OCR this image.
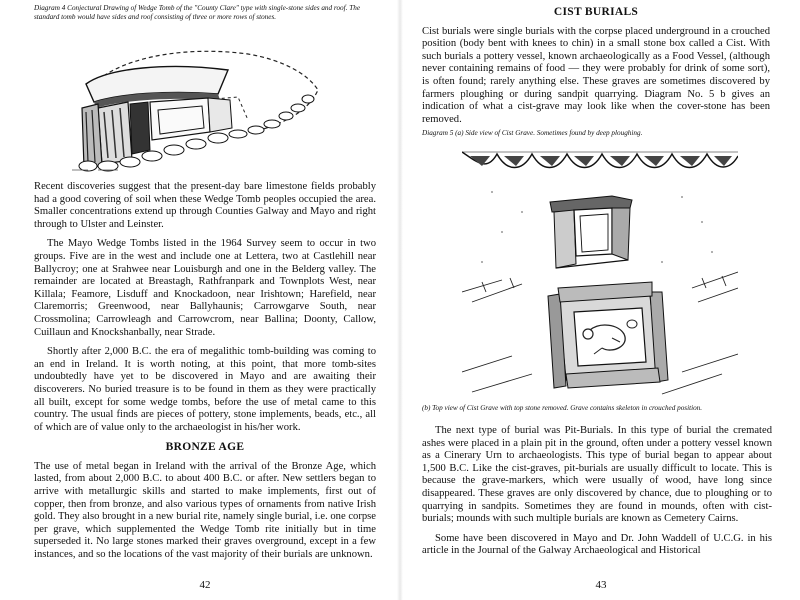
Diagram 4 Conjectural Drawing of Wedge Tomb of the "County Clare" type with single-stone sides and roof. The standard tomb would have sides and roof consisting of three or more rows of stones.

Recent discoveries suggest that the present-day bare limestone fields probably had a good covering of soil when these Wedge Tomb peoples occupied the area. Smaller concentrations extend up through Counties Galway and Mayo and right through to Ulster and Leinster.

The Mayo Wedge Tombs listed in the 1964 Survey seem to occur in two groups. Five are in the west and include one at Lettera, two at Castlehill near Ballycroy; one at Srahwee near Louisburgh and one in the Belderg valley. The remainder are located at Breastagh, Rathfranpark and Townplots West, near Killala; Feamore, Lisduff and Knockadoon, near Irishtown; Harefield, near Claremorris; Greenwood, near Ballyhaunis; Carrowgarve South, near Crossmolina; Carrowleagh and Carrowcrom, near Ballina; Doonty, Callow, Cuillaun and Knockshanbally, near Strade.

Shortly after 2,000 B.C. the era of megalithic tomb-building was coming to an end in Ireland. It is worth noting, at this point, that more tomb-sites undoubtedly have yet to be discovered in Mayo and are awaiting their discoverers. No buried treasure is to be found in them as they were practically all built, except for some wedge tombs, before the use of metal came to this country. The usual finds are pieces of pottery, stone implements, beads, etc., all of which are of value only to the archaeologist in his/her work.

BRONZE AGE

The use of metal began in Ireland with the arrival of the Bronze Age, which lasted, from about 2,000 B.C. to about 400 B.C. or after. New settlers began to arrive with metallurgic skills and started to make implements, first out of copper, then from bronze, and also various types of ornaments from native Irish gold. They also brought in a new burial rite, namely single burial, i.e. one corpse per grave, which supplemented the Wedge Tomb rite initially but in time superseded it. No large stones marked their graves overground, except in a few instances, and so the locations of the vast majority of their burials are unknown.

42
CIST BURIALS

Cist burials were single burials with the corpse placed underground in a crouched position (body bent with knees to chin) in a small stone box called a Cist. With such burials a pottery vessel, known archaeologically as a Food Vessel, (although never containing remains of food — they were probably for drink of some sort), is often found; rarely anything else. These graves are sometimes discovered by farmers ploughing or during sandpit quarrying. Diagram No. 5 b gives an indication of what a cist-grave may look like when the cover-stone has been removed.

Diagram 5 (a) Side view of Cist Grave. Sometimes found by deep ploughing.

(b) Top view of Cist Grave with top stone removed. Grave contains skeleton in crouched position.

The next type of burial was Pit-Burials. In this type of burial the cremated ashes were placed in a plain pit in the ground, often under a pottery vessel known as a Cinerary Urn to archaeologists. This type of burial began to appear about 1,500 B.C. Like the cist-graves, pit-burials are usually difficult to locate. This is because the grave-markers, which were usually of wood, have long since disappeared. These graves are only discovered by chance, due to ploughing or to quarrying in sandpits. Sometimes they are found in mounds, often with cist-burials; mounds with such multiple burials are known as Cemetery Cairns.

Some have been discovered in Mayo and Dr. John Waddell of U.C.G. in his article in the Journal of the Galway Archaeological and Historical

43
